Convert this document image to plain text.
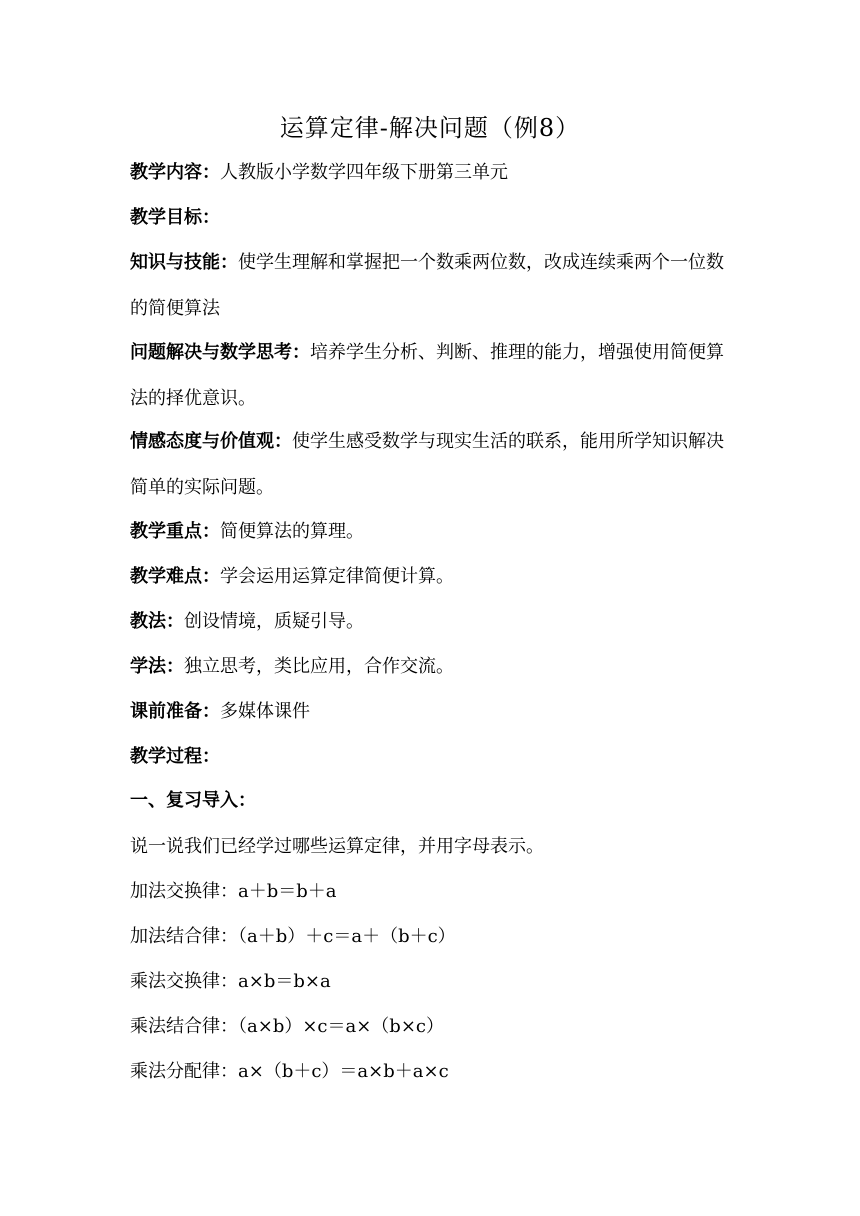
运算定律-解决问题（例8）
教学内容：人教版小学数学四年级下册第三单元
教学目标：
知识与技能：使学生理解和掌握把一个数乘两位数，改成连续乘两个一位数的简便算法
问题解决与数学思考：培养学生分析、判断、推理的能力，增强使用简便算法的择优意识。
情感态度与价值观：使学生感受数学与现实生活的联系，能用所学知识解决简单的实际问题。
教学重点：简便算法的算理。
教学难点：学会运用运算定律简便计算。
教法：创设情境，质疑引导。
学法：独立思考，类比应用，合作交流。
课前准备：多媒体课件
教学过程：
一、复习导入：
说一说我们已经学过哪些运算定律，并用字母表示。
加法交换律：a＋b＝b＋a
加法结合律：（a＋b）＋c＝a＋（b＋c）
乘法交换律：a×b＝b×a
乘法结合律：（a×b）×c＝a×（b×c）
乘法分配律：a×（b＋c）＝a×b＋a×c
